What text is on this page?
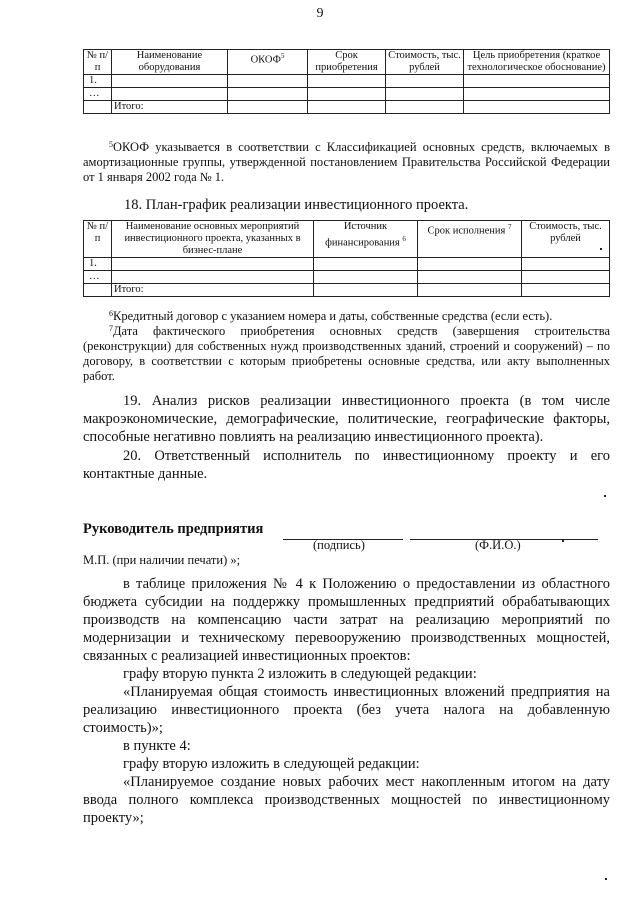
9
№ п/п	Наименование оборудования	ОКОФ$^5$	Срок приобретения	Стоимость, тыс. рублей	Цель приобретения (краткое технологическое обоснование)
1.					
…					
	Итого:				
$^5$ОКОФ указывается в соответствии с Классификацией основных средств, включаемых в амортизационные группы, утвержденной постановлением Правительства Российской Федерации от 1 января 2002 года № 1.
18. План-график реализации инвестиционного проекта.
№ п/п	Наименование основных мероприятий инвестиционного проекта, указанных в бизнес-плане	Источник финансирования $^6$	Срок исполнения $^7$	Стоимость, тыс. рублей
1.				
…				
	Итого:			
$^6$Кредитный договор с указанием номера и даты, собственные средства (если есть).
$^7$Дата фактического приобретения основных средств (завершения строительства (реконструкции) для собственных нужд производственных зданий, строений и сооружений) – по договору, в соответствии с которым приобретены основные средства, или акту выполненных работ.
19. Анализ рисков реализации инвестиционного проекта (в том числе макроэкономические, демографические, политические, географические факторы, способные негативно повлиять на реализацию инвестиционного проекта).
20. Ответственный исполнитель по инвестиционному проекту и его контактные данные.
Руководитель предприятия
(подпись)	(Ф.И.О.)
М.П. (при наличии печати) »;
в таблице приложения № 4 к Положению о предоставлении из областного бюджета субсидии на поддержку промышленных предприятий обрабатывающих производств на компенсацию части затрат на реализацию мероприятий по модернизации и техническому перевооружению производственных мощностей, связанных с реализацией инвестиционных проектов:
графу вторую пункта 2 изложить в следующей редакции:
«Планируемая общая стоимость инвестиционных вложений предприятия на реализацию инвестиционного проекта (без учета налога на добавленную стоимость)»;
в пункте 4:
графу вторую изложить в следующей редакции:
«Планируемое создание новых рабочих мест накопленным итогом на дату ввода полного комплекса производственных мощностей по инвестиционному проекту»;
